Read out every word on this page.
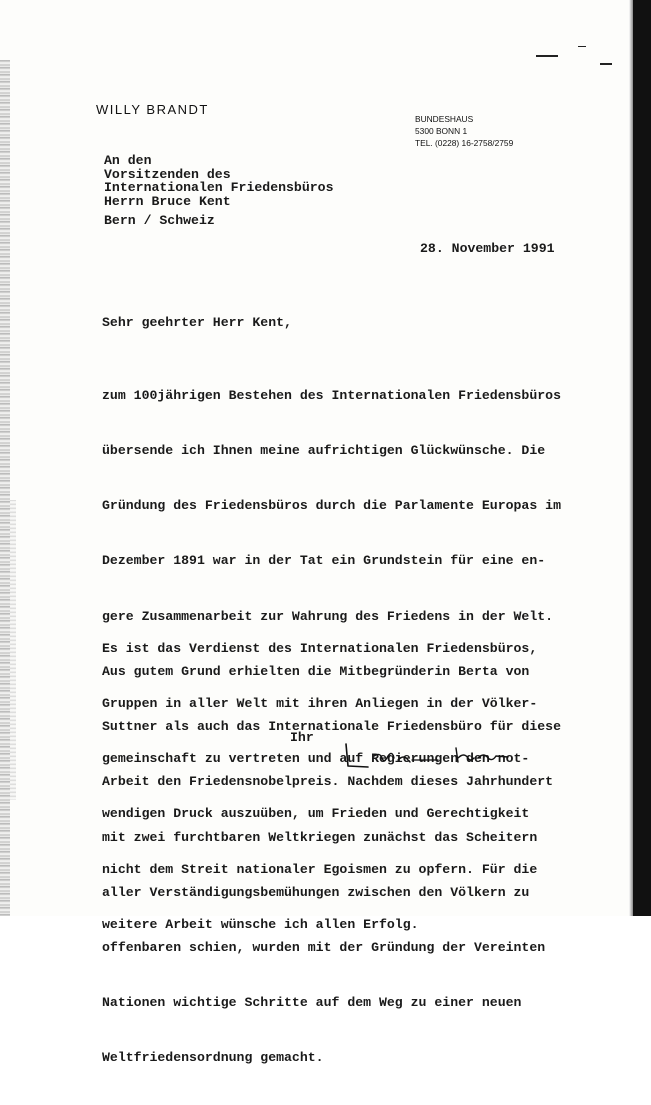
WILLY BRANDT
BUNDESHAUS
5300 BONN 1
TEL. (0228) 16-2758/2759
An den
Vorsitzenden des
Internationalen Friedensbüros
Herrn Bruce Kent
Bern / Schweiz
28. November 1991
Sehr geehrter Herr Kent,

zum 100jährigen Bestehen des Internationalen Friedensbüros

übersende ich Ihnen meine aufrichtigen Glückwünsche. Die

Gründung des Friedensbüros durch die Parlamente Europas im

Dezember 1891 war in der Tat ein Grundstein für eine en-

gere Zusammenarbeit zur Wahrung des Friedens in der Welt.

Aus gutem Grund erhielten die Mitbegründerin Berta von

Suttner als auch das Internationale Friedensbüro für diese

Arbeit den Friedensnobelpreis. Nachdem dieses Jahrhundert

mit zwei furchtbaren Weltkriegen zunächst das Scheitern

aller Verständigungsbemühungen zwischen den Völkern zu

offenbaren schien, wurden mit der Gründung der Vereinten

Nationen wichtige Schritte auf dem Weg zu einer neuen

Weltfriedensordnung gemacht.

Es ist das Verdienst des Internationalen Friedensbüros,

Gruppen in aller Welt mit ihren Anliegen in der Völker-

gemeinschaft zu vertreten und auf Regierungen den not-

wendigen Druck auszuüben, um Frieden und Gerechtigkeit

nicht dem Streit nationaler Egoismen zu opfern. Für die

weitere Arbeit wünsche ich allen Erfolg.

Ihr
